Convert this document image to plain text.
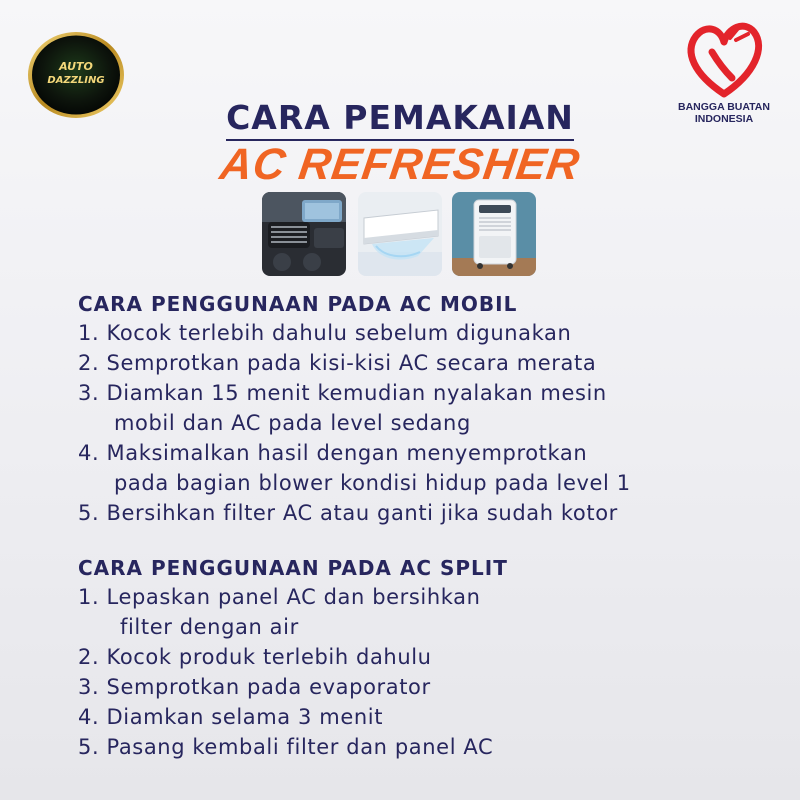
AUTO
DAZZLING
BANGGA BUATAN
INDONESIA
CARA PEMAKAIAN
AC REFRESHER
CARA PENGGUNAAN PADA AC MOBIL
1. Kocok terlebih dahulu sebelum digunakan
2. Semprotkan pada kisi-kisi AC secara merata
3. Diamkan 15 menit kemudian nyalakan mesin
mobil dan AC pada level sedang
4. Maksimalkan hasil dengan menyemprotkan
pada bagian blower kondisi hidup pada level 1
5. Bersihkan filter AC atau ganti jika sudah kotor
CARA PENGGUNAAN PADA AC SPLIT
1. Lepaskan panel AC dan bersihkan
filter dengan air
2. Kocok produk terlebih dahulu
3. Semprotkan pada evaporator
4. Diamkan selama 3 menit
5. Pasang kembali filter dan panel AC
